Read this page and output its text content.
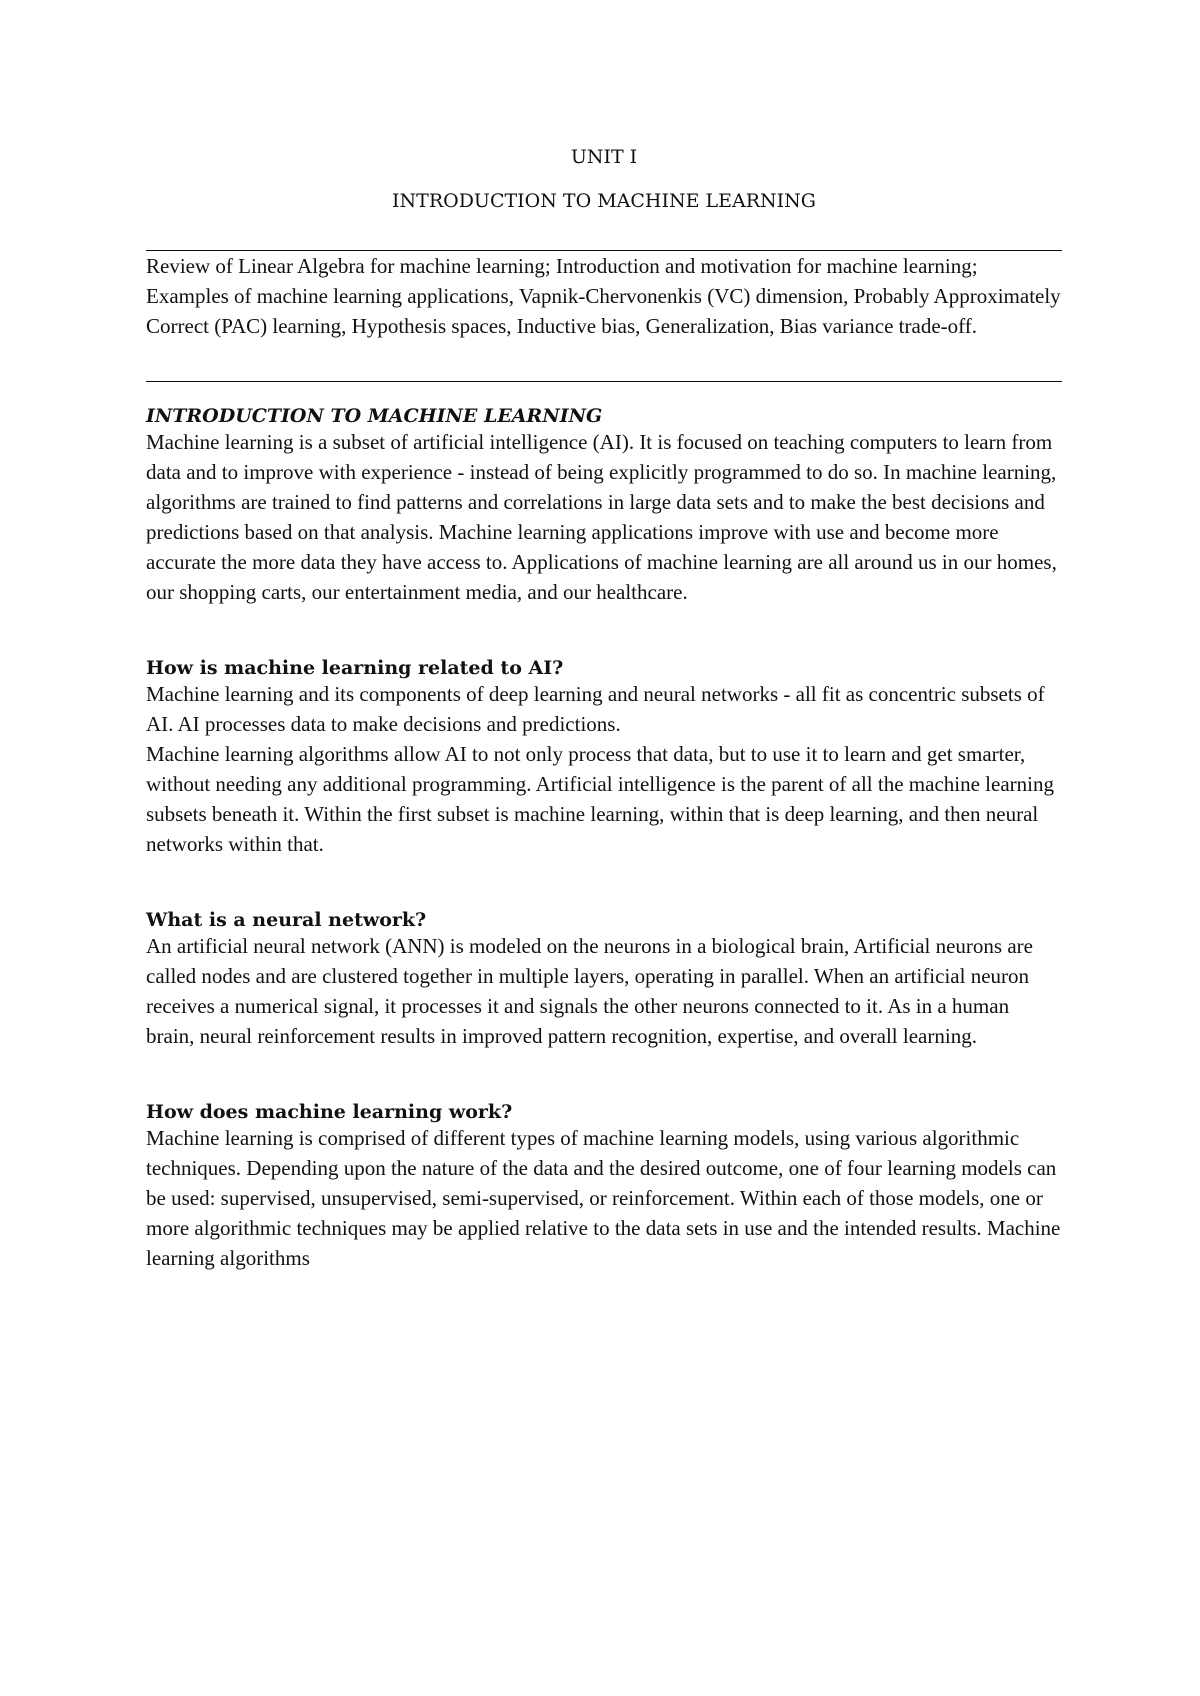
UNIT I

INTRODUCTION TO MACHINE LEARNING

Review of Linear Algebra for machine learning; Introduction and motivation for machine learning; Examples of machine learning applications, Vapnik-Chervonenkis (VC) dimension, Probably Approximately Correct (PAC) learning, Hypothesis spaces, Inductive bias, Generalization, Bias variance trade-off.

INTRODUCTION TO MACHINE LEARNING

Machine learning is a subset of artificial intelligence (AI). It is focused on teaching computers to learn from data and to improve with experience - instead of being explicitly programmed to do so. In machine learning, algorithms are trained to find patterns and correlations in large data sets and to make the best decisions and predictions based on that analysis. Machine learning applications improve with use and become more accurate the more data they have access to. Applications of machine learning are all around us in our homes, our shopping carts, our entertainment media, and our healthcare.

How is machine learning related to AI?

Machine learning and its components of deep learning and neural networks - all fit as concentric subsets of AI. AI processes data to make decisions and predictions.

Machine learning algorithms allow AI to not only process that data, but to use it to learn and get smarter, without needing any additional programming. Artificial intelligence is the parent of all the machine learning subsets beneath it. Within the first subset is machine learning, within that is deep learning, and then neural networks within that.

What is a neural network?

An artificial neural network (ANN) is modeled on the neurons in a biological brain, Artificial neurons are called nodes and are clustered together in multiple layers, operating in parallel. When an artificial neuron receives a numerical signal, it processes it and signals the other neurons connected to it. As in a human brain, neural reinforcement results in improved pattern recognition, expertise, and overall learning.

How does machine learning work?

Machine learning is comprised of different types of machine learning models, using various algorithmic techniques. Depending upon the nature of the data and the desired outcome, one of four learning models can be used: supervised, unsupervised, semi-supervised, or reinforcement. Within each of those models, one or more algorithmic techniques may be applied relative to the data sets in use and the intended results. Machine learning algorithms
